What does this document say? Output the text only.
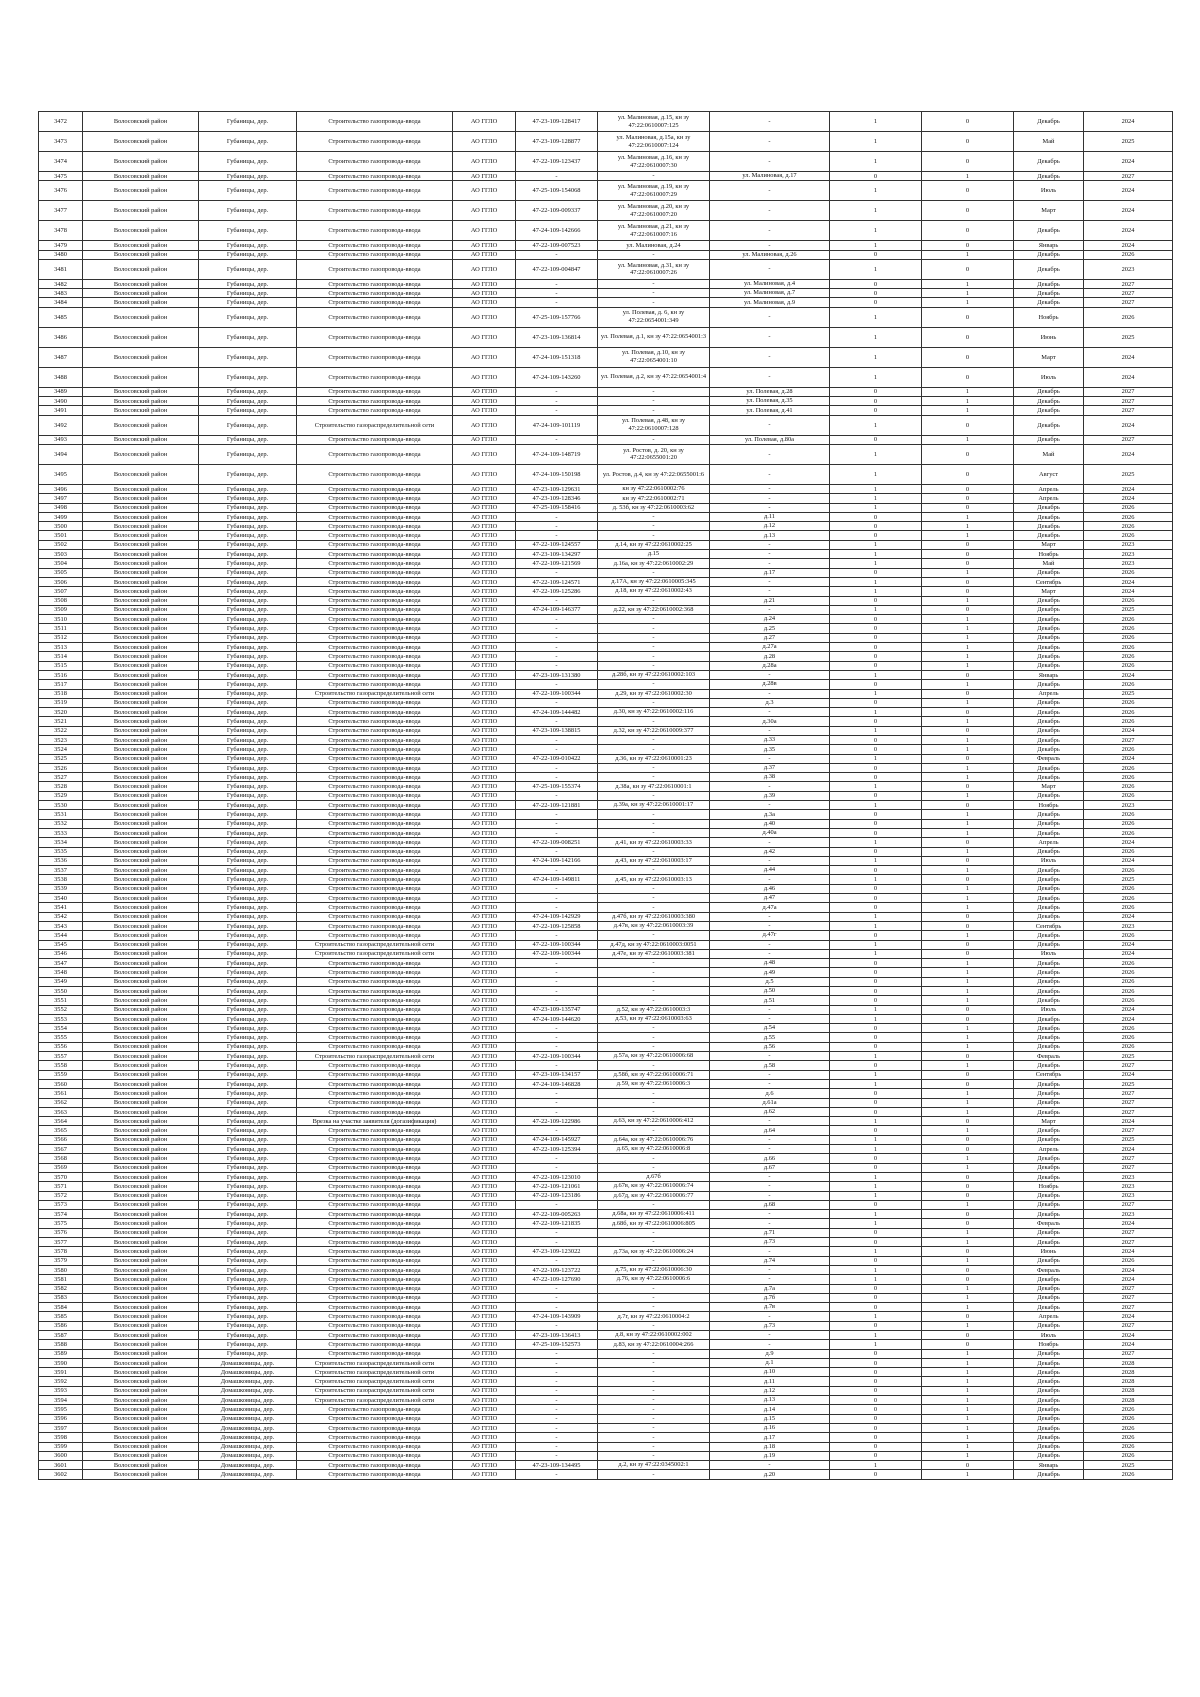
3472	Волосовский район	Губаницы, дер.	Строительство газопровода-ввода	АО ГГЛО	47-23-109-128417	ул. Малиновая, д.15, кн зу 47:22:0610007:125	-	1	0	Декабрь	2024
3473	Волосовский район	Губаницы, дер.	Строительство газопровода-ввода	АО ГГЛО	47-23-109-128877	ул. Малиновая, д.15а, кн зу 47:22:0610007:124	-	1	0	Май	2025
3474	Волосовский район	Губаницы, дер.	Строительство газопровода-ввода	АО ГГЛО	47-22-109-123437	ул. Малиновая, д.16, кн зу 47:22:0610007:30	-	1	0	Декабрь	2024
3475	Волосовский район	Губаницы, дер.	Строительство газопровода-ввода	АО ГГЛО	-	-	ул. Малиновая, д.17	0	1	Декабрь	2027
3476	Волосовский район	Губаницы, дер.	Строительство газопровода-ввода	АО ГГЛО	47-25-109-154068	ул. Малиновая, д.19, кн зу 47:22:0610007:29	-	1	0	Июль	2024
3477	Волосовский район	Губаницы, дер.	Строительство газопровода-ввода	АО ГГЛО	47-22-109-009337	ул. Малиновая, д.20, кн зу 47:22:0610007:20	-	1	0	Март	2024
3478	Волосовский район	Губаницы, дер.	Строительство газопровода-ввода	АО ГГЛО	47-24-109-142666	ул. Малиновая, д.21, кн зу 47:22:0610007:16	-	1	0	Декабрь	2024
3479	Волосовский район	Губаницы, дер.	Строительство газопровода-ввода	АО ГГЛО	47-22-109-007523	ул. Малиновая, д.24	-	1	0	Январь	2024
3480	Волосовский район	Губаницы, дер.	Строительство газопровода-ввода	АО ГГЛО	-	-	ул. Малиновая, д.26	0	1	Декабрь	2026
3481	Волосовский район	Губаницы, дер.	Строительство газопровода-ввода	АО ГГЛО	47-22-109-004847	ул. Малиновая, д.31, кн зу 47:22:0610007:26	-	1	0	Декабрь	2023
3482	Волосовский район	Губаницы, дер.	Строительство газопровода-ввода	АО ГГЛО	-	-	ул. Малиновая, д.4	0	1	Декабрь	2027
3483	Волосовский район	Губаницы, дер.	Строительство газопровода-ввода	АО ГГЛО	-	-	ул. Малиновая, д.7	0	1	Декабрь	2027
3484	Волосовский район	Губаницы, дер.	Строительство газопровода-ввода	АО ГГЛО	-	-	ул. Малиновая, д.9	0	1	Декабрь	2027
3485	Волосовский район	Губаницы, дер.	Строительство газопровода-ввода	АО ГГЛО	47-25-109-157766	ул. Полевая, д. 6, кн зу 47:22:0654001:349	-	1	0	Ноябрь	2026
3486	Волосовский район	Губаницы, дер.	Строительство газопровода-ввода	АО ГГЛО	47-23-109-136814	ул. Полевая, д.1, кн зу 47:22:0654001:3	-	1	0	Июнь	2025
3487	Волосовский район	Губаницы, дер.	Строительство газопровода-ввода	АО ГГЛО	47-24-109-151318	ул. Полевая, д.10, кн зу 47:22:0654001:10	-	1	0	Март	2024
3488	Волосовский район	Губаницы, дер.	Строительство газопровода-ввода	АО ГГЛО	47-24-109-143260	ул. Полевая, д.2, кн зу 47:22:0654001:4	-	1	0	Июль	2024
3489	Волосовский район	Губаницы, дер.	Строительство газопровода-ввода	АО ГГЛО	-	-	ул. Полевая, д.28	0	1	Декабрь	2027
3490	Волосовский район	Губаницы, дер.	Строительство газопровода-ввода	АО ГГЛО	-	-	ул. Полевая, д.35	0	1	Декабрь	2027
3491	Волосовский район	Губаницы, дер.	Строительство газопровода-ввода	АО ГГЛО	-	-	ул. Полевая, д.41	0	1	Декабрь	2027
3492	Волосовский район	Губаницы, дер.	Строительство газораспределительной сети	АО ГГЛО	47-24-109-101119	ул. Полевая, д.48, кн зу 47:22:0610007:128	-	1	0	Декабрь	2024
3493	Волосовский район	Губаницы, дер.	Строительство газопровода-ввода	АО ГГЛО	-	-	ул. Полевая, д.80а	0	1	Декабрь	2027
3494	Волосовский район	Губаницы, дер.	Строительство газопровода-ввода	АО ГГЛО	47-24-109-148719	ул. Ростов, д. 20, кн зу 47:22:0655001:20	-	1	0	Май	2024
3495	Волосовский район	Губаницы, дер.	Строительство газопровода-ввода	АО ГГЛО	47-24-109-150198	ул. Ростов, д.4, кн зу 47:22:0655001:6	-	1	0	Август	2025
3496	Волосовский район	Губаницы, дер.	Строительство газопровода-ввода	АО ГГЛО	47-23-109-129631	кн зу 47:22:0610002:76	-	1	0	Апрель	2024
3497	Волосовский район	Губаницы, дер.	Строительство газопровода-ввода	АО ГГЛО	47-23-109-128346	кн зу 47:22:0610002:71	-	1	0	Апрель	2024
3498	Волосовский район	Губаницы, дер.	Строительство газопровода-ввода	АО ГГЛО	47-25-109-158416	д. 53б, кн зу 47:22:0610003:62	-	1	0	Декабрь	2026
3499	Волосовский район	Губаницы, дер.	Строительство газопровода-ввода	АО ГГЛО	-	-	д.11	0	1	Декабрь	2026
3500	Волосовский район	Губаницы, дер.	Строительство газопровода-ввода	АО ГГЛО	-	-	д.12	0	1	Декабрь	2026
3501	Волосовский район	Губаницы, дер.	Строительство газопровода-ввода	АО ГГЛО	-	-	д.13	0	1	Декабрь	2026
3502	Волосовский район	Губаницы, дер.	Строительство газопровода-ввода	АО ГГЛО	47-22-109-124557	д.14, кн зу 47:22:0610002:25	-	1	0	Март	2023
3503	Волосовский район	Губаницы, дер.	Строительство газопровода-ввода	АО ГГЛО	47-23-109-134297	д.15	-	1	0	Ноябрь	2023
3504	Волосовский район	Губаницы, дер.	Строительство газопровода-ввода	АО ГГЛО	47-22-109-121569	д.16а, кн зу 47:22:0610002:29	-	1	0	Май	2023
3505	Волосовский район	Губаницы, дер.	Строительство газопровода-ввода	АО ГГЛО	-	-	д.17	0	1	Декабрь	2026
3506	Волосовский район	Губаницы, дер.	Строительство газопровода-ввода	АО ГГЛО	47-22-109-124571	д.17А, кн зу 47:22:0610005:345	-	1	0	Сентябрь	2024
3507	Волосовский район	Губаницы, дер.	Строительство газопровода-ввода	АО ГГЛО	47-22-109-125286	д.18, кн зу 47:22:0610002:43	-	1	0	Март	2024
3508	Волосовский район	Губаницы, дер.	Строительство газопровода-ввода	АО ГГЛО	-	-	д.21	0	1	Декабрь	2026
3509	Волосовский район	Губаницы, дер.	Строительство газопровода-ввода	АО ГГЛО	47-24-109-146377	д.22, кн зу 47:22:0610002:368	-	1	0	Декабрь	2025
3510	Волосовский район	Губаницы, дер.	Строительство газопровода-ввода	АО ГГЛО	-	-	д.24	0	1	Декабрь	2026
3511	Волосовский район	Губаницы, дер.	Строительство газопровода-ввода	АО ГГЛО	-	-	д.25	0	1	Декабрь	2026
3512	Волосовский район	Губаницы, дер.	Строительство газопровода-ввода	АО ГГЛО	-	-	д.27	0	1	Декабрь	2026
3513	Волосовский район	Губаницы, дер.	Строительство газопровода-ввода	АО ГГЛО	-	-	д.27а	0	1	Декабрь	2026
3514	Волосовский район	Губаницы, дер.	Строительство газопровода-ввода	АО ГГЛО	-	-	д.28	0	1	Декабрь	2026
3515	Волосовский район	Губаницы, дер.	Строительство газопровода-ввода	АО ГГЛО	-	-	д.28а	0	1	Декабрь	2026
3516	Волосовский район	Губаницы, дер.	Строительство газопровода-ввода	АО ГГЛО	47-23-109-131380	д.28б, кн зу 47:22:0610002:103	-	1	0	Январь	2024
3517	Волосовский район	Губаницы, дер.	Строительство газопровода-ввода	АО ГГЛО	-	-	д.28в	0	1	Декабрь	2026
3518	Волосовский район	Губаницы, дер.	Строительство газораспределительной сети	АО ГГЛО	47-22-109-100344	д.29, кн зу 47:22:0610002:30	-	1	0	Апрель	2025
3519	Волосовский район	Губаницы, дер.	Строительство газопровода-ввода	АО ГГЛО	-	-	д.3	0	1	Декабрь	2026
3520	Волосовский район	Губаницы, дер.	Строительство газопровода-ввода	АО ГГЛО	47-24-109-144482	д.30, кн зу 47:22:0610002:116	-	1	0	Декабрь	2026
3521	Волосовский район	Губаницы, дер.	Строительство газопровода-ввода	АО ГГЛО	-	-	д.30а	0	1	Декабрь	2026
3522	Волосовский район	Губаницы, дер.	Строительство газопровода-ввода	АО ГГЛО	47-23-109-138815	д.32, кн зу 47:22:0610009:377	-	1	0	Декабрь	2024
3523	Волосовский район	Губаницы, дер.	Строительство газопровода-ввода	АО ГГЛО	-	-	д.33	0	1	Декабрь	2027
3524	Волосовский район	Губаницы, дер.	Строительство газопровода-ввода	АО ГГЛО	-	-	д.35	0	1	Декабрь	2026
3525	Волосовский район	Губаницы, дер.	Строительство газопровода-ввода	АО ГГЛО	47-22-109-010422	д.36, кн зу 47:22:0610001:23	-	1	0	Февраль	2024
3526	Волосовский район	Губаницы, дер.	Строительство газопровода-ввода	АО ГГЛО	-	-	д.37	0	1	Декабрь	2026
3527	Волосовский район	Губаницы, дер.	Строительство газопровода-ввода	АО ГГЛО	-	-	д.38	0	1	Декабрь	2026
3528	Волосовский район	Губаницы, дер.	Строительство газопровода-ввода	АО ГГЛО	47-25-109-155374	д.38а, кн зу 47:22:0610001:1	-	1	0	Март	2026
3529	Волосовский район	Губаницы, дер.	Строительство газопровода-ввода	АО ГГЛО	-	-	д.39	0	1	Декабрь	2026
3530	Волосовский район	Губаницы, дер.	Строительство газопровода-ввода	АО ГГЛО	47-22-109-121881	д.39а, кн зу 47:22:0610001:17	-	1	0	Ноябрь	2023
3531	Волосовский район	Губаницы, дер.	Строительство газопровода-ввода	АО ГГЛО	-	-	д.3а	0	1	Декабрь	2026
3532	Волосовский район	Губаницы, дер.	Строительство газопровода-ввода	АО ГГЛО	-	-	д.40	0	1	Декабрь	2026
3533	Волосовский район	Губаницы, дер.	Строительство газопровода-ввода	АО ГГЛО	-	-	д.40а	0	1	Декабрь	2026
3534	Волосовский район	Губаницы, дер.	Строительство газопровода-ввода	АО ГГЛО	47-22-109-008251	д.41, кн зу 47:22:0610003:33	-	1	0	Апрель	2024
3535	Волосовский район	Губаницы, дер.	Строительство газопровода-ввода	АО ГГЛО	-	-	д.42	0	1	Декабрь	2026
3536	Волосовский район	Губаницы, дер.	Строительство газопровода-ввода	АО ГГЛО	47-24-109-142166	д.43, кн зу 47:22:0610003:17	-	1	0	Июль	2024
3537	Волосовский район	Губаницы, дер.	Строительство газопровода-ввода	АО ГГЛО	-	-	д.44	0	1	Декабрь	2026
3538	Волосовский район	Губаницы, дер.	Строительство газопровода-ввода	АО ГГЛО	47-24-109-149811	д.45, кн зу 47:22:0610003:13	-	1	0	Декабрь	2025
3539	Волосовский район	Губаницы, дер.	Строительство газопровода-ввода	АО ГГЛО	-	-	д.46	0	1	Декабрь	2026
3540	Волосовский район	Губаницы, дер.	Строительство газопровода-ввода	АО ГГЛО	-	-	д.47	0	1	Декабрь	2026
3541	Волосовский район	Губаницы, дер.	Строительство газопровода-ввода	АО ГГЛО	-	-	д.47а	0	1	Декабрь	2026
3542	Волосовский район	Губаницы, дер.	Строительство газопровода-ввода	АО ГГЛО	47-24-109-142929	д.47б, кн зу 47:22:0610003:380	-	1	0	Декабрь	2024
3543	Волосовский район	Губаницы, дер.	Строительство газопровода-ввода	АО ГГЛО	47-22-109-125858	д.47в, кн зу 47:22:0610003:39	-	1	0	Сентябрь	2023
3544	Волосовский район	Губаницы, дер.	Строительство газопровода-ввода	АО ГГЛО	-	-	д.47г	0	1	Декабрь	2026
3545	Волосовский район	Губаницы, дер.	Строительство газораспределительной сети	АО ГГЛО	47-22-109-100344	д.47д, кн зу 47:22:0610003:0051	-	1	0	Декабрь	2024
3546	Волосовский район	Губаницы, дер.	Строительство газораспределительной сети	АО ГГЛО	47-22-109-100344	д.47е, кн зу 47:22:0610003:381	-	1	0	Июль	2024
3547	Волосовский район	Губаницы, дер.	Строительство газопровода-ввода	АО ГГЛО	-	-	д.48	0	1	Декабрь	2026
3548	Волосовский район	Губаницы, дер.	Строительство газопровода-ввода	АО ГГЛО	-	-	д.49	0	1	Декабрь	2026
3549	Волосовский район	Губаницы, дер.	Строительство газопровода-ввода	АО ГГЛО	-	-	д.5	0	1	Декабрь	2026
3550	Волосовский район	Губаницы, дер.	Строительство газопровода-ввода	АО ГГЛО	-	-	д.50	0	1	Декабрь	2026
3551	Волосовский район	Губаницы, дер.	Строительство газопровода-ввода	АО ГГЛО	-	-	д.51	0	1	Декабрь	2026
3552	Волосовский район	Губаницы, дер.	Строительство газопровода-ввода	АО ГГЛО	47-23-109-135747	д.52, кн зу 47:22:0610003:3	-	1	0	Июль	2024
3553	Волосовский район	Губаницы, дер.	Строительство газопровода-ввода	АО ГГЛО	47-24-109-144620	д.53, кн зу 47:22:0610003:63	-	1	0	Декабрь	2024
3554	Волосовский район	Губаницы, дер.	Строительство газопровода-ввода	АО ГГЛО	-	-	д.54	0	1	Декабрь	2026
3555	Волосовский район	Губаницы, дер.	Строительство газопровода-ввода	АО ГГЛО	-	-	д.55	0	1	Декабрь	2026
3556	Волосовский район	Губаницы, дер.	Строительство газопровода-ввода	АО ГГЛО	-	-	д.56	0	1	Декабрь	2026
3557	Волосовский район	Губаницы, дер.	Строительство газораспределительной сети	АО ГГЛО	47-22-109-100344	д.57а, кн зу 47:22:0610006:68	-	1	0	Февраль	2025
3558	Волосовский район	Губаницы, дер.	Строительство газопровода-ввода	АО ГГЛО	-	-	д.58	0	1	Декабрь	2027
3559	Волосовский район	Губаницы, дер.	Строительство газопровода-ввода	АО ГГЛО	47-23-109-134157	д.58б, кн зу 47:22:0610006:71	-	1	0	Сентябрь	2024
3560	Волосовский район	Губаницы, дер.	Строительство газопровода-ввода	АО ГГЛО	47-24-109-146828	д.59, кн зу 47:22:0610006:3	-	1	0	Декабрь	2025
3561	Волосовский район	Губаницы, дер.	Строительство газопровода-ввода	АО ГГЛО	-	-	д.6	0	1	Декабрь	2027
3562	Волосовский район	Губаницы, дер.	Строительство газопровода-ввода	АО ГГЛО	-	-	д.61а	0	1	Декабрь	2027
3563	Волосовский район	Губаницы, дер.	Строительство газопровода-ввода	АО ГГЛО	-	-	д.62	0	1	Декабрь	2027
3564	Волосовский район	Губаницы, дер.	Врезка на участке заявителя (догазификация)	АО ГГЛО	47-22-109-122986	д.63, кн зу 47:22:0610006:412	-	1	0	Март	2024
3565	Волосовский район	Губаницы, дер.	Строительство газопровода-ввода	АО ГГЛО	-	-	д.64	0	1	Декабрь	2027
3566	Волосовский район	Губаницы, дер.	Строительство газопровода-ввода	АО ГГЛО	47-24-109-145927	д.64а, кн зу 47:22:0610006:76	-	1	0	Декабрь	2025
3567	Волосовский район	Губаницы, дер.	Строительство газопровода-ввода	АО ГГЛО	47-22-109-125394	д.65, кн зу 47:22:0610006:8	-	1	0	Апрель	2024
3568	Волосовский район	Губаницы, дер.	Строительство газопровода-ввода	АО ГГЛО	-	-	д.66	0	1	Декабрь	2027
3569	Волосовский район	Губаницы, дер.	Строительство газопровода-ввода	АО ГГЛО	-	-	д.67	0	1	Декабрь	2027
3570	Волосовский район	Губаницы, дер.	Строительство газопровода-ввода	АО ГГЛО	47-22-109-123010	д.67б	-	1	0	Декабрь	2023
3571	Волосовский район	Губаницы, дер.	Строительство газопровода-ввода	АО ГГЛО	47-22-109-121061	д.67в, кн зу 47:22:0610006:74	-	1	0	Ноябрь	2023
3572	Волосовский район	Губаницы, дер.	Строительство газопровода-ввода	АО ГГЛО	47-22-109-123186	д.67д, кн зу 47:22:0610006:77	-	1	0	Декабрь	2023
3573	Волосовский район	Губаницы, дер.	Строительство газопровода-ввода	АО ГГЛО	-	-	д.68	0	1	Декабрь	2027
3574	Волосовский район	Губаницы, дер.	Строительство газопровода-ввода	АО ГГЛО	47-22-109-005263	д.68а, кн зу 47:22:0610006:411	-	1	0	Декабрь	2023
3575	Волосовский район	Губаницы, дер.	Строительство газопровода-ввода	АО ГГЛО	47-22-109-121835	д.68б, кн зу 47:22:0610006:805	-	1	0	Февраль	2024
3576	Волосовский район	Губаницы, дер.	Строительство газопровода-ввода	АО ГГЛО	-	-	д.71	0	1	Декабрь	2027
3577	Волосовский район	Губаницы, дер.	Строительство газопровода-ввода	АО ГГЛО	-	-	д.73	0	1	Декабрь	2027
3578	Волосовский район	Губаницы, дер.	Строительство газопровода-ввода	АО ГГЛО	47-23-109-123022	д.73а, кн зу 47:22:0610006:24	-	1	0	Июнь	2024
3579	Волосовский район	Губаницы, дер.	Строительство газопровода-ввода	АО ГГЛО	-	-	д.74	0	1	Декабрь	2026
3580	Волосовский район	Губаницы, дер.	Строительство газопровода-ввода	АО ГГЛО	47-22-109-123722	д.75, кн зу 47:22:0610006:30	-	1	0	Февраль	2024
3581	Волосовский район	Губаницы, дер.	Строительство газопровода-ввода	АО ГГЛО	47-22-109-127690	д.76, кн зу 47:22:0610006:6	-	1	0	Декабрь	2024
3582	Волосовский район	Губаницы, дер.	Строительство газопровода-ввода	АО ГГЛО	-	-	д.7а	0	1	Декабрь	2027
3583	Волосовский район	Губаницы, дер.	Строительство газопровода-ввода	АО ГГЛО	-	-	д.7б	0	1	Декабрь	2027
3584	Волосовский район	Губаницы, дер.	Строительство газопровода-ввода	АО ГГЛО	-	-	д.7в	0	1	Декабрь	2027
3585	Волосовский район	Губаницы, дер.	Строительство газопровода-ввода	АО ГГЛО	47-24-109-143909	д.7г, кн зу 47:22:0610004:2	-	1	0	Апрель	2024
3586	Волосовский район	Губаницы, дер.	Строительство газопровода-ввода	АО ГГЛО	-	-	д.73	0	1	Декабрь	2027
3587	Волосовский район	Губаницы, дер.	Строительство газопровода-ввода	АО ГГЛО	47-23-109-136413	д.8, кн зу 47:22:0610002:002	-	1	0	Июль	2024
3588	Волосовский район	Губаницы, дер.	Строительство газопровода-ввода	АО ГГЛО	47-25-109-152573	д.83, кн зу 47:22:0610004:266	-	1	0	Ноябрь	2024
3589	Волосовский район	Губаницы, дер.	Строительство газопровода-ввода	АО ГГЛО	-	-	д.9	0	1	Декабрь	2027
3590	Волосовский район	Домашковицы, дер.	Строительство газораспределительной сети	АО ГГЛО	-	-	д.1	0	1	Декабрь	2028
3591	Волосовский район	Домашковицы, дер.	Строительство газораспределительной сети	АО ГГЛО	-	-	д.10	0	1	Декабрь	2028
3592	Волосовский район	Домашковицы, дер.	Строительство газораспределительной сети	АО ГГЛО	-	-	д.11	0	1	Декабрь	2028
3593	Волосовский район	Домашковицы, дер.	Строительство газораспределительной сети	АО ГГЛО	-	-	д.12	0	1	Декабрь	2028
3594	Волосовский район	Домашковицы, дер.	Строительство газораспределительной сети	АО ГГЛО	-	-	д.13	0	1	Декабрь	2028
3595	Волосовский район	Домашковицы, дер.	Строительство газопровода-ввода	АО ГГЛО	-	-	д.14	0	1	Декабрь	2026
3596	Волосовский район	Домашковицы, дер.	Строительство газопровода-ввода	АО ГГЛО	-	-	д.15	0	1	Декабрь	2026
3597	Волосовский район	Домашковицы, дер.	Строительство газопровода-ввода	АО ГГЛО	-	-	д.16	0	1	Декабрь	2026
3598	Волосовский район	Домашковицы, дер.	Строительство газопровода-ввода	АО ГГЛО	-	-	д.17	0	1	Декабрь	2026
3599	Волосовский район	Домашковицы, дер.	Строительство газопровода-ввода	АО ГГЛО	-	-	д.18	0	1	Декабрь	2026
3600	Волосовский район	Домашковицы, дер.	Строительство газопровода-ввода	АО ГГЛО	-	-	д.19	0	1	Декабрь	2026
3601	Волосовский район	Домашковицы, дер.	Строительство газопровода-ввода	АО ГГЛО	47-23-109-134495	д.2, кн зу 47:22:0345002:1	-	1	0	Январь	2025
3602	Волосовский район	Домашковицы, дер.	Строительство газопровода-ввода	АО ГГЛО	-	-	д.20	0	1	Декабрь	2026
